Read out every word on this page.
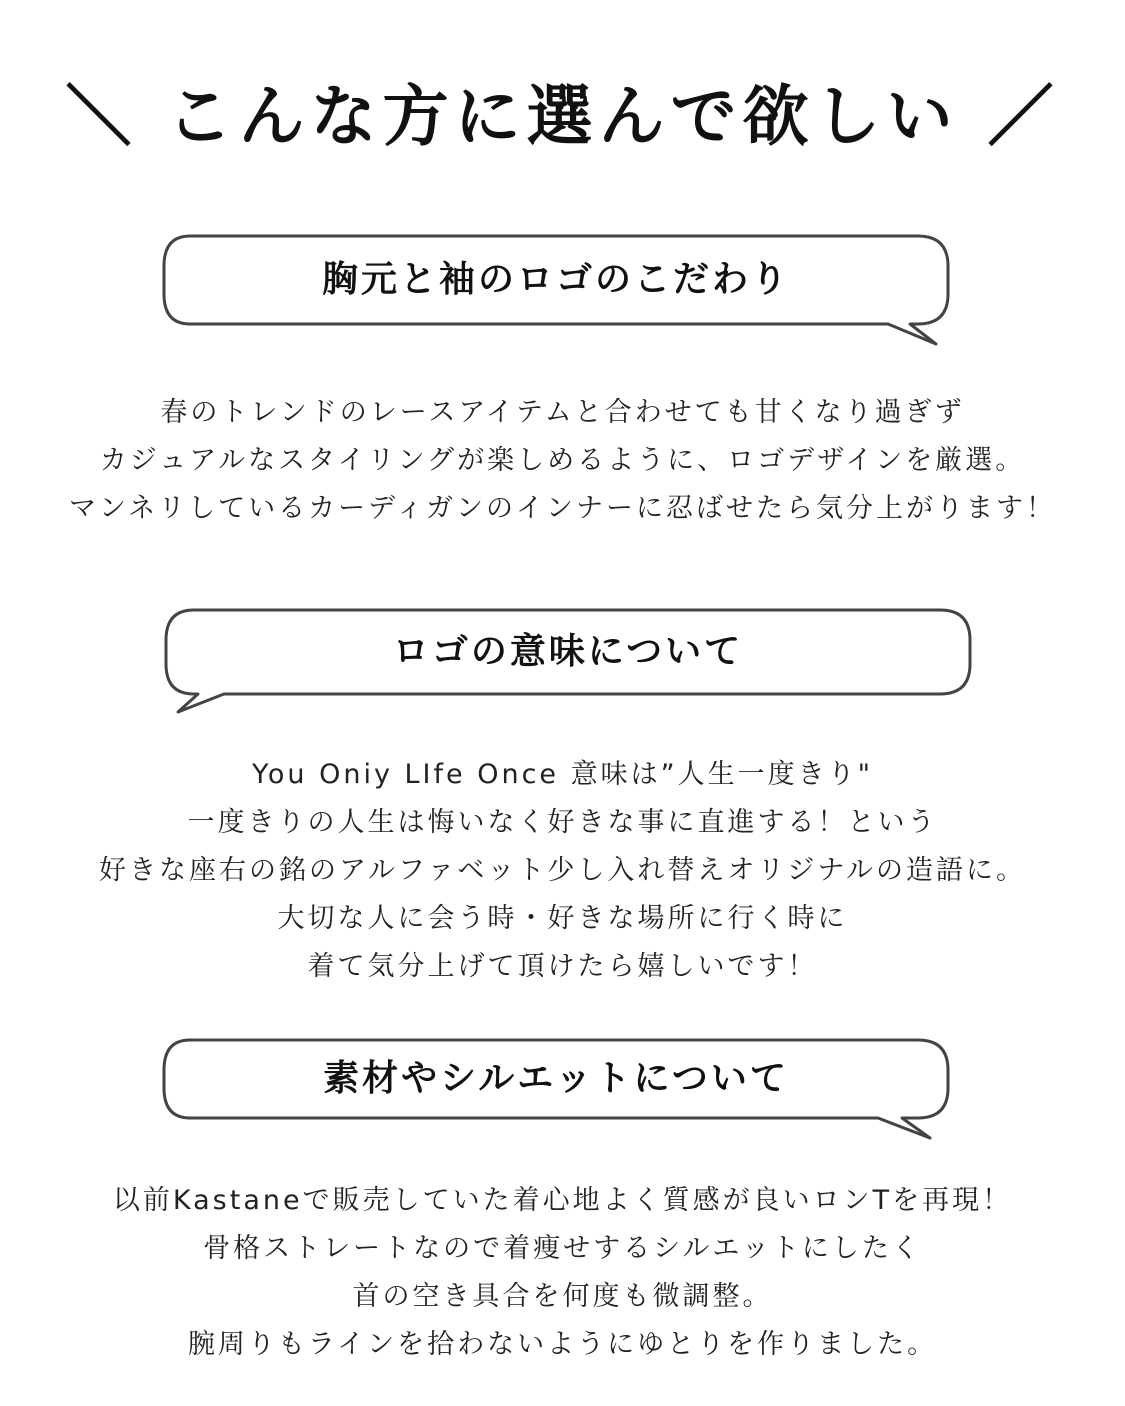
＼ こんな方に選んで欲しい ／
胸元と袖のロゴのこだわり
春のトレンドのレースアイテムと合わせても甘くなり過ぎず
カジュアルなスタイリングが楽しめるように、ロゴデザインを厳選。
マンネリしているカーディガンのインナーに忍ばせたら気分上がります！
ロゴの意味について
You Oniy LIfe Once 意味は”人生一度きり"
一度きりの人生は悔いなく好きな事に直進する！という
好きな座右の銘のアルファベット少し入れ替えオリジナルの造語に。
大切な人に会う時・好きな場所に行く時に
着て気分上げて頂けたら嬉しいです！
素材やシルエットについて
以前Kastaneで販売していた着心地よく質感が良いロンTを再現！
骨格ストレートなので着痩せするシルエットにしたく
首の空き具合を何度も微調整。
腕周りもラインを拾わないようにゆとりを作りました。
